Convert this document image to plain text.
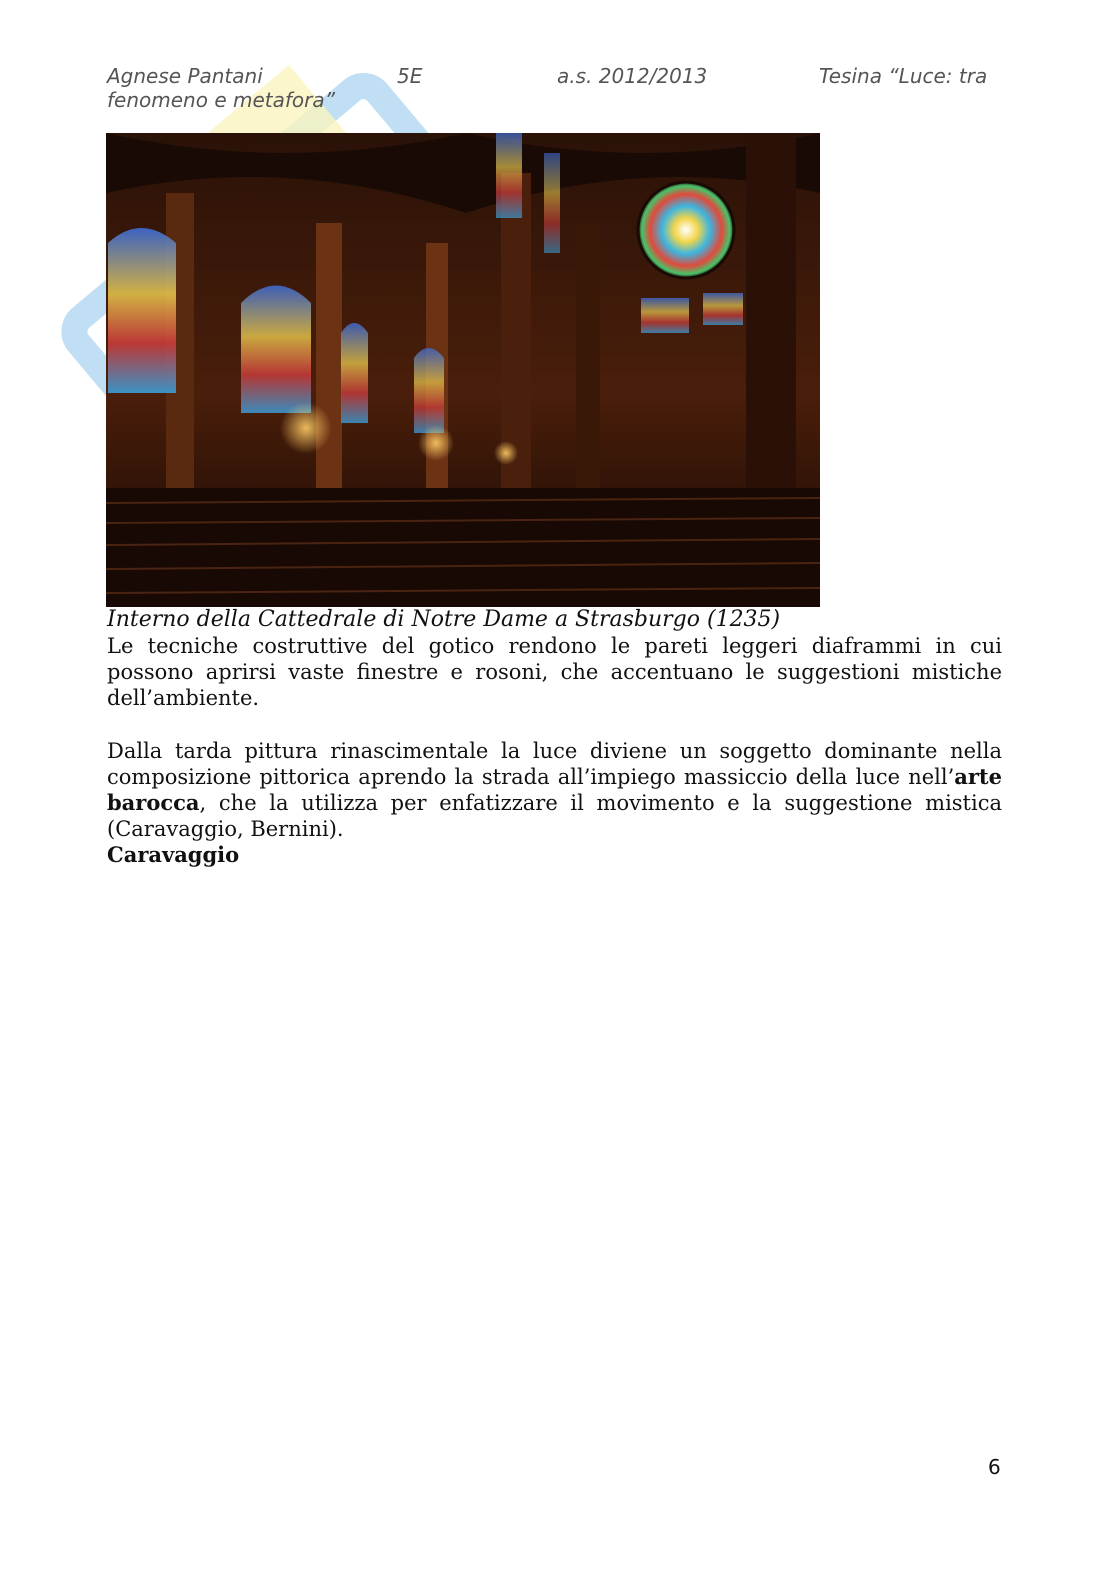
Agnese Pantani	5E	a.s. 2012/2013	Tesina “Luce: tra
fenomeno e metafora”
Interno della Cattedrale di Notre Dame a Strasburgo (1235)
Le tecniche costruttive del gotico rendono le pareti leggeri diaframmi in cui possono aprirsi vaste finestre e rosoni, che accentuano le suggestioni mistiche dell’ambiente.
Dalla tarda pittura rinascimentale la luce diviene un soggetto dominante nella composizione pittorica aprendo la strada all’impiego massiccio della luce nell’arte barocca, che la utilizza per enfatizzare il movimento e la suggestione mistica (Caravaggio, Bernini).
Caravaggio
6
